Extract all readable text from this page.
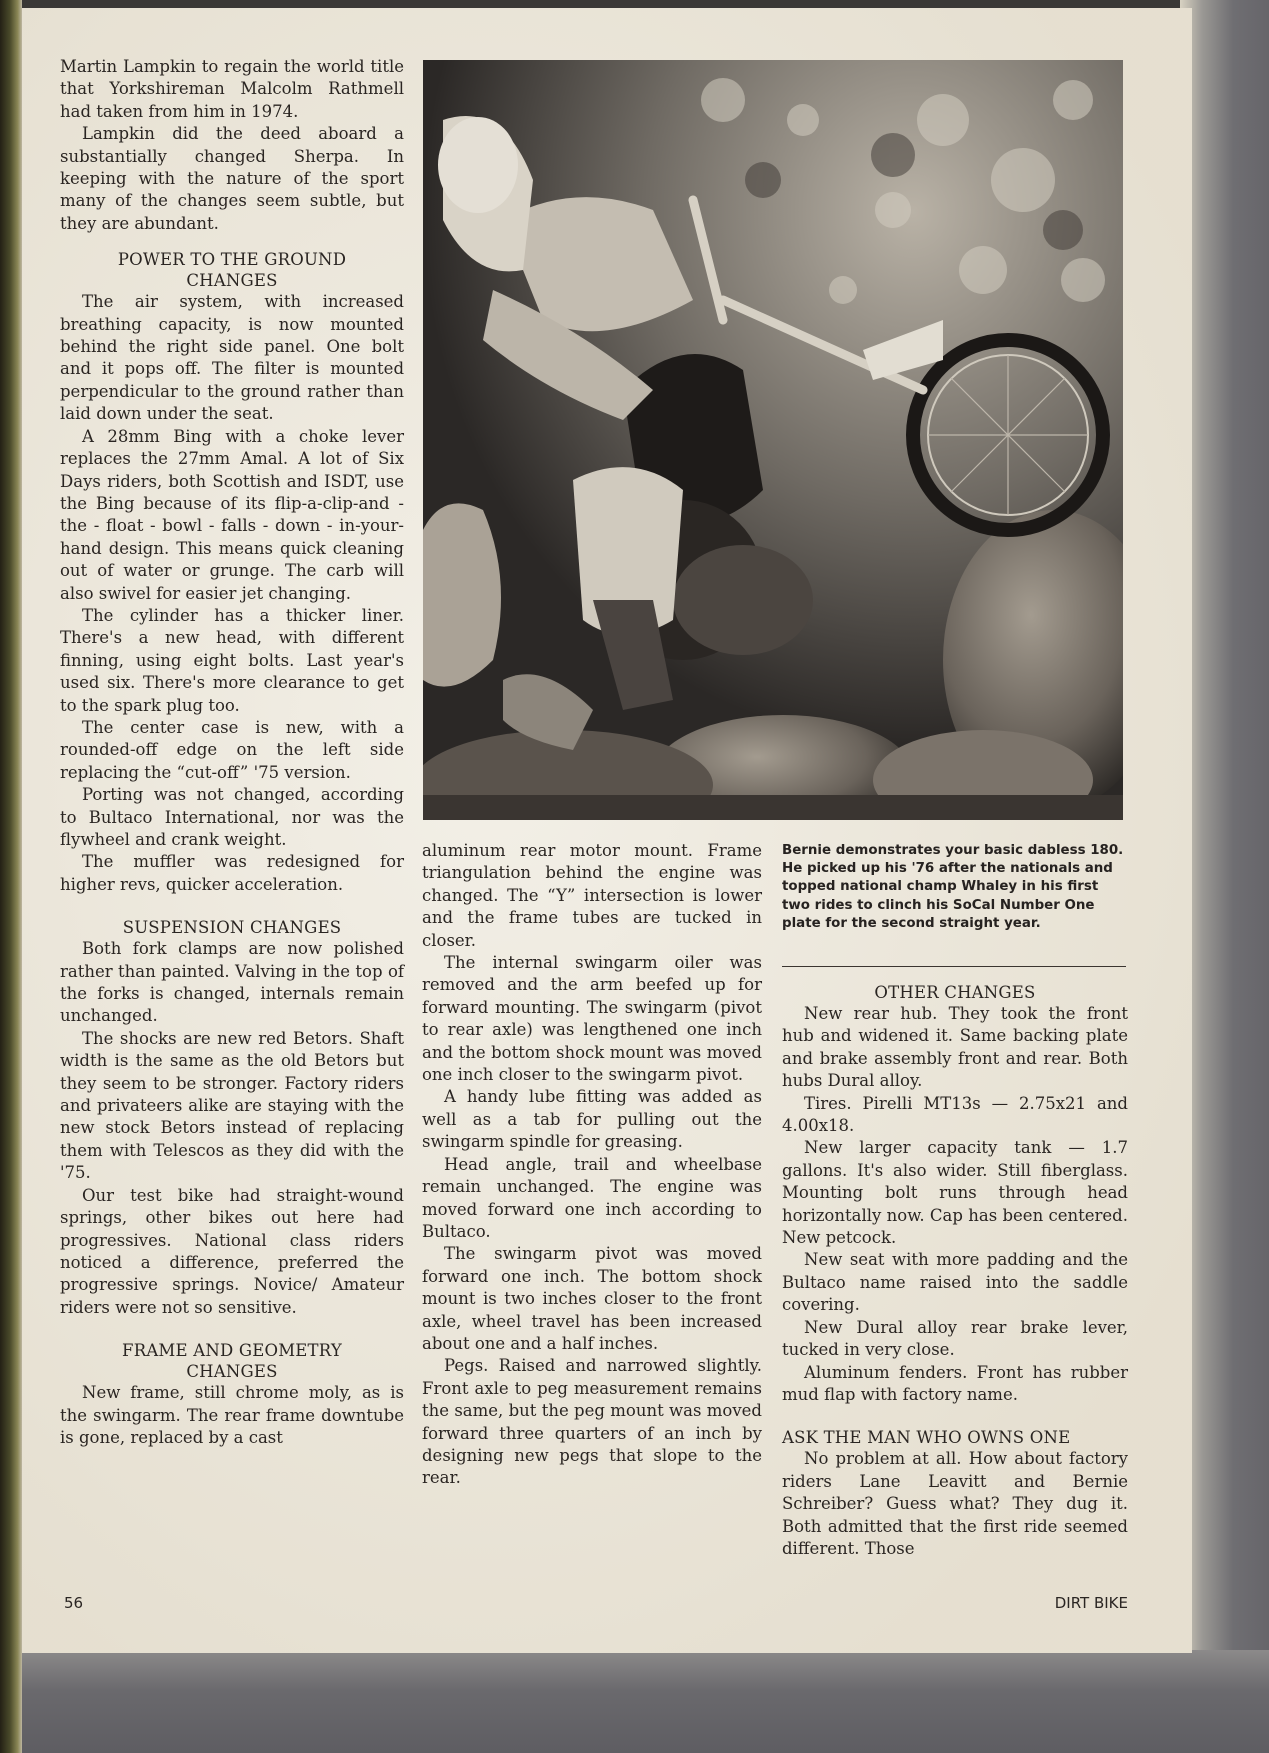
Martin Lampkin to regain the world title that Yorkshireman Malcolm Rathmell had taken from him in 1974.

Lampkin did the deed aboard a substantially changed Sherpa. In keeping with the nature of the sport many of the changes seem subtle, but they are abundant.

POWER TO THE GROUND CHANGES

The air system, with increased breathing capacity, is now mounted behind the right side panel. One bolt and it pops off. The filter is mounted perpendicular to the ground rather than laid down under the seat.

A 28mm Bing with a choke lever replaces the 27mm Amal. A lot of Six Days riders, both Scottish and ISDT, use the Bing because of its flip-a-clip-and - the - float - bowl - falls - down - in-your-hand design. This means quick cleaning out of water or grunge. The carb will also swivel for easier jet changing.

The cylinder has a thicker liner. There's a new head, with different finning, using eight bolts. Last year's used six. There's more clearance to get to the spark plug too.

The center case is new, with a rounded-off edge on the left side replacing the “cut-off” '75 version.

Porting was not changed, according to Bultaco International, nor was the flywheel and crank weight.

The muffler was redesigned for higher revs, quicker acceleration.

SUSPENSION CHANGES

Both fork clamps are now polished rather than painted. Valving in the top of the forks is changed, internals remain unchanged.

The shocks are new red Betors. Shaft width is the same as the old Betors but they seem to be stronger. Factory riders and privateers alike are staying with the new stock Betors instead of replacing them with Telescos as they did with the '75.

Our test bike had straight-wound springs, other bikes out here had progressives. National class riders noticed a difference, preferred the progressive springs. Novice/ Amateur riders were not so sensitive.

FRAME AND GEOMETRY CHANGES

New frame, still chrome moly, as is the swingarm. The rear frame downtube is gone, replaced by a cast

Bernie demonstrates your basic dabless 180. He picked up his '76 after the nationals and topped national champ Whaley in his first two rides to clinch his SoCal Number One plate for the second straight year.

aluminum rear motor mount. Frame triangulation behind the engine was changed. The “Y” intersection is lower and the frame tubes are tucked in closer.

The internal swingarm oiler was removed and the arm beefed up for forward mounting. The swingarm (pivot to rear axle) was lengthened one inch and the bottom shock mount was moved one inch closer to the swingarm pivot.

A handy lube fitting was added as well as a tab for pulling out the swingarm spindle for greasing.

Head angle, trail and wheelbase remain unchanged. The engine was moved forward one inch according to Bultaco.

The swingarm pivot was moved forward one inch. The bottom shock mount is two inches closer to the front axle, wheel travel has been increased about one and a half inches.

Pegs. Raised and narrowed slightly. Front axle to peg measurement remains the same, but the peg mount was moved forward three quarters of an inch by designing new pegs that slope to the rear.

OTHER CHANGES

New rear hub. They took the front hub and widened it. Same backing plate and brake assembly front and rear. Both hubs Dural alloy.

Tires. Pirelli MT13s — 2.75x21 and 4.00x18.

New larger capacity tank — 1.7 gallons. It's also wider. Still fiberglass. Mounting bolt runs through head horizontally now. Cap has been centered. New petcock.

New seat with more padding and the Bultaco name raised into the saddle covering.

New Dural alloy rear brake lever, tucked in very close.

Aluminum fenders. Front has rubber mud flap with factory name.

ASK THE MAN WHO OWNS ONE

No problem at all. How about factory riders Lane Leavitt and Bernie Schreiber? Guess what? They dug it. Both admitted that the first ride seemed different. Those

56	DIRT BIKE
